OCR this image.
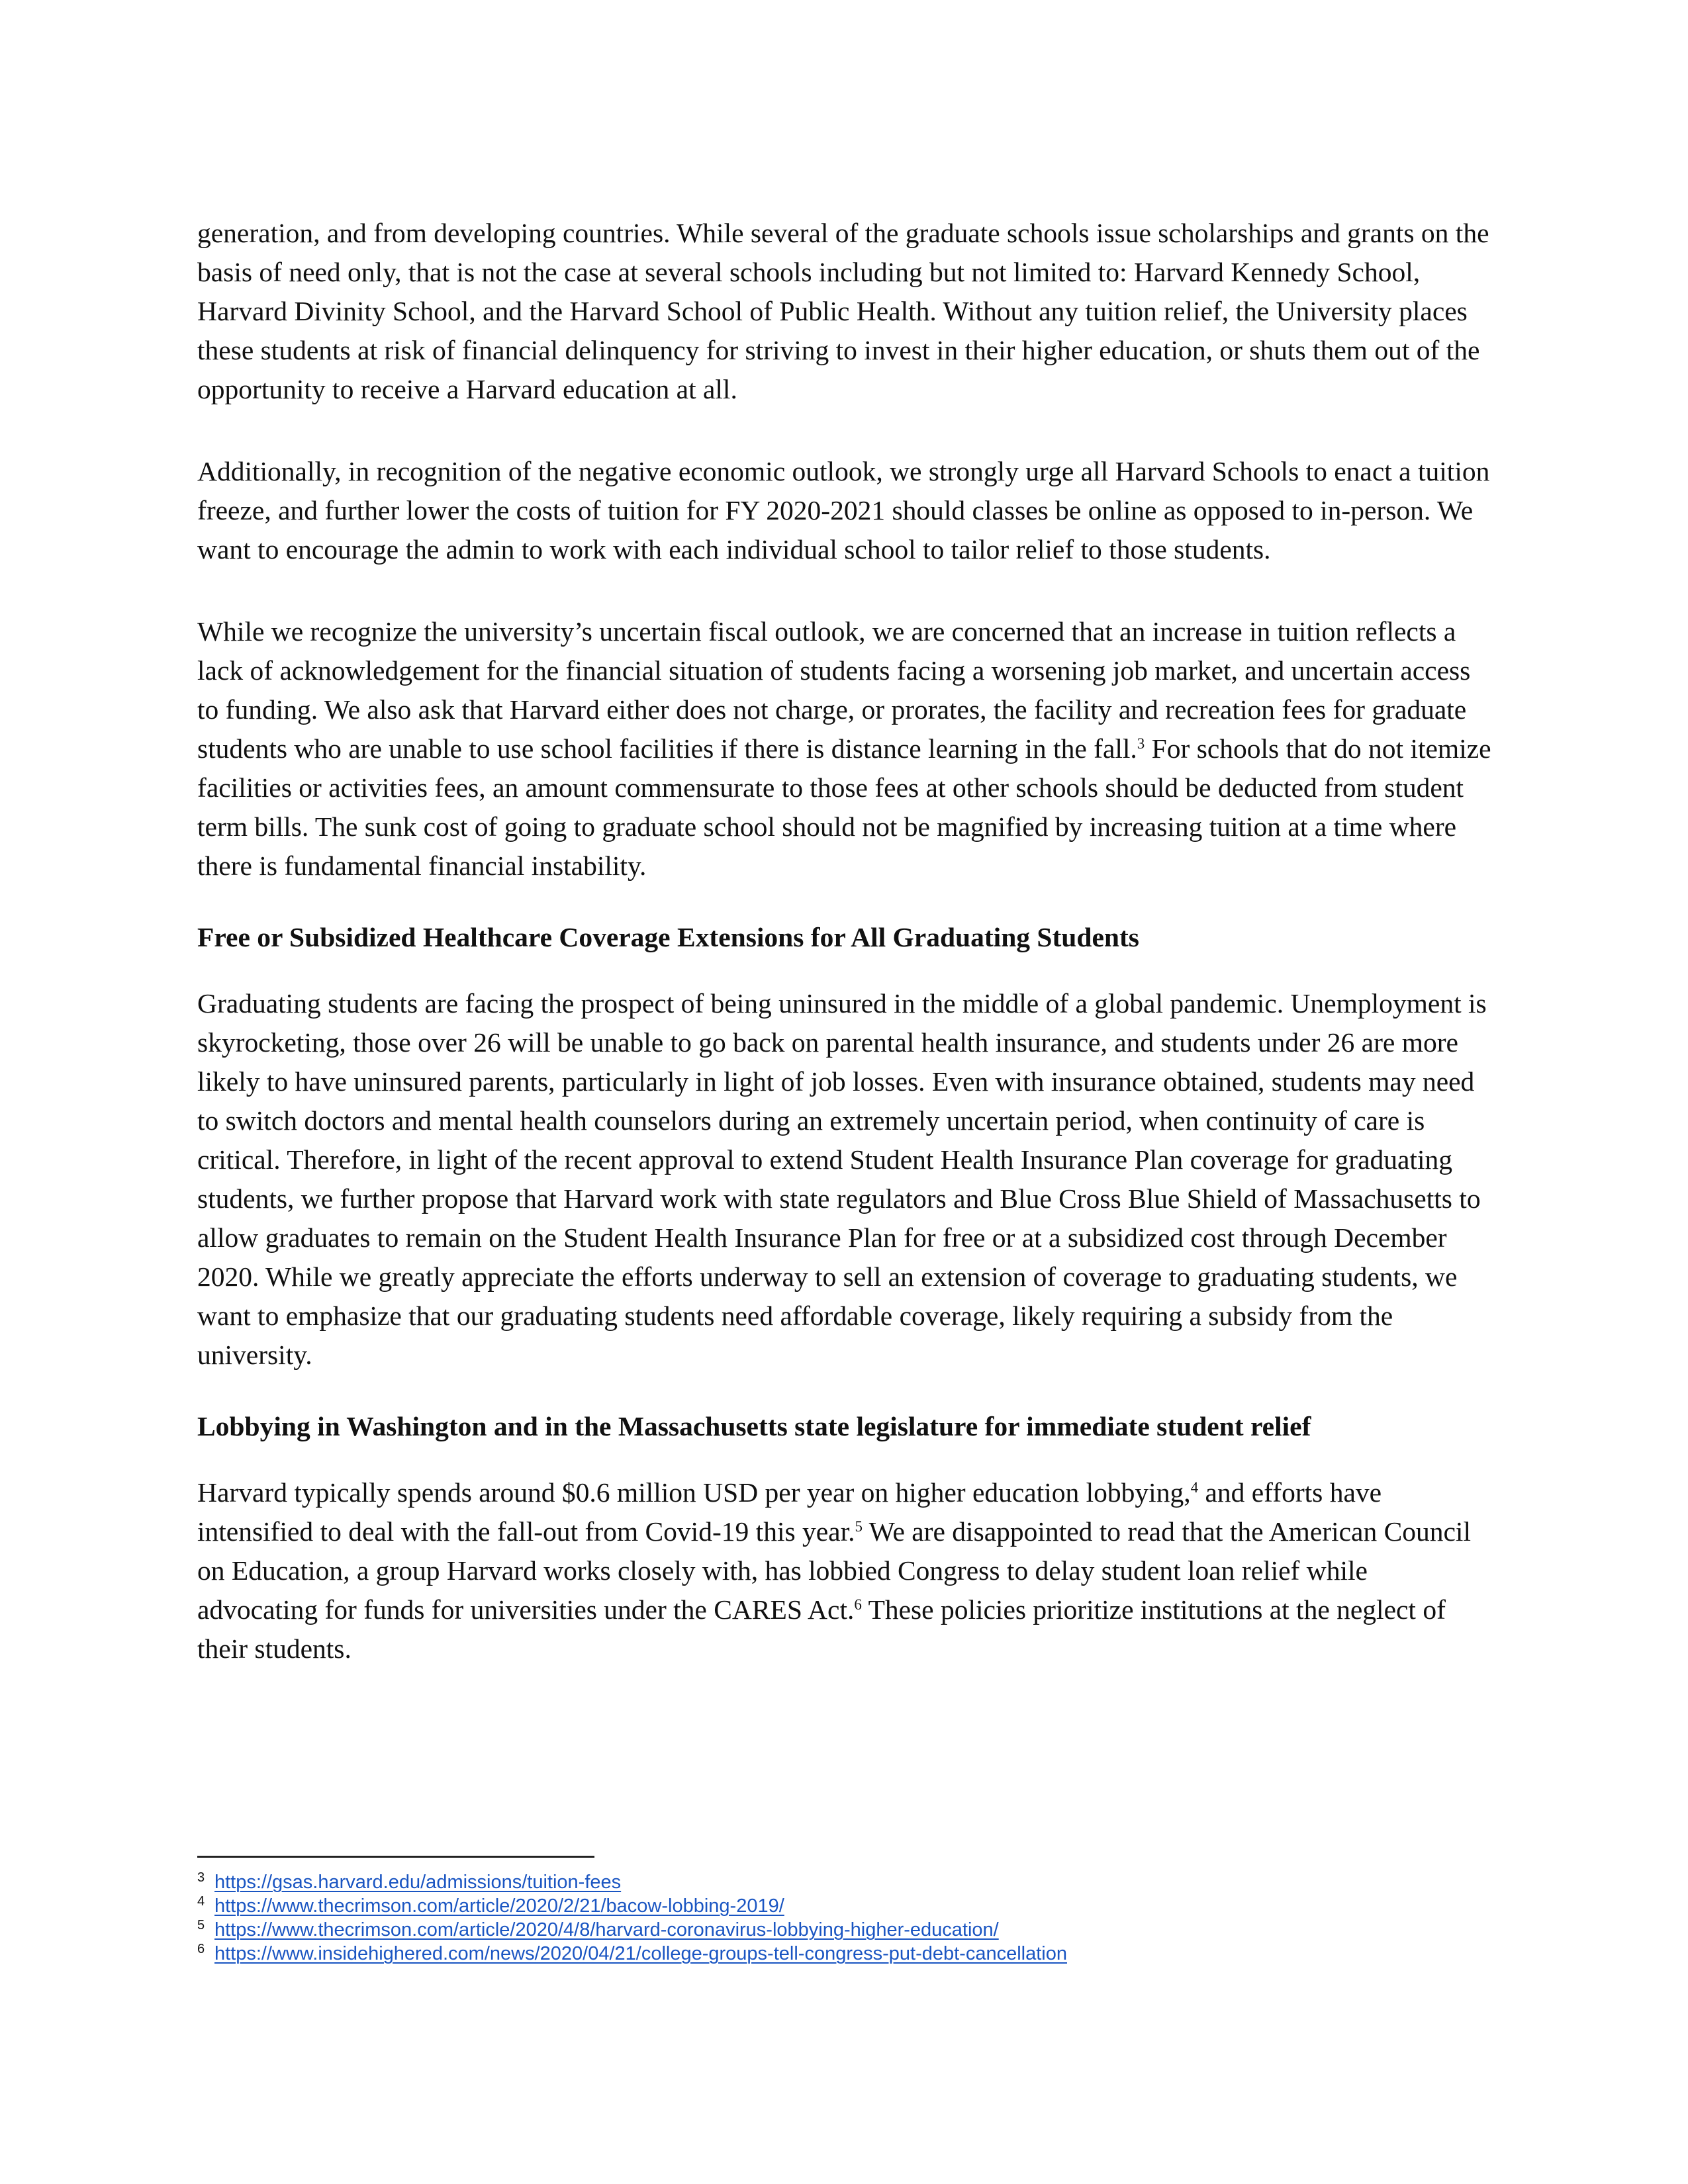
generation, and from developing countries. While several of the graduate schools issue scholarships and grants on the basis of need only, that is not the case at several schools including but not limited to: Harvard Kennedy School, Harvard Divinity School, and the Harvard School of Public Health. Without any tuition relief, the University places these students at risk of financial delinquency for striving to invest in their higher education, or shuts them out of the opportunity to receive a Harvard education at all.

Additionally, in recognition of the negative economic outlook, we strongly urge all Harvard Schools to enact a tuition freeze, and further lower the costs of tuition for FY 2020-2021 should classes be online as opposed to in-person. We want to encourage the admin to work with each individual school to tailor relief to those students.

While we recognize the university’s uncertain fiscal outlook, we are concerned that an increase in tuition reflects a lack of acknowledgement for the financial situation of students facing a worsening job market, and uncertain access to funding. We also ask that Harvard either does not charge, or prorates, the facility and recreation fees for graduate students who are unable to use school facilities if there is distance learning in the fall.$^3$ For schools that do not itemize facilities or activities fees, an amount commensurate to those fees at other schools should be deducted from student term bills. The sunk cost of going to graduate school should not be magnified by increasing tuition at a time where there is fundamental financial instability.

Free or Subsidized Healthcare Coverage Extensions for All Graduating Students

Graduating students are facing the prospect of being uninsured in the middle of a global pandemic. Unemployment is skyrocketing, those over 26 will be unable to go back on parental health insurance, and students under 26 are more likely to have uninsured parents, particularly in light of job losses. Even with insurance obtained, students may need to switch doctors and mental health counselors during an extremely uncertain period, when continuity of care is critical. Therefore, in light of the recent approval to extend Student Health Insurance Plan coverage for graduating students, we further propose that Harvard work with state regulators and Blue Cross Blue Shield of Massachusetts to allow graduates to remain on the Student Health Insurance Plan for free or at a subsidized cost through December 2020. While we greatly appreciate the efforts underway to sell an extension of coverage to graduating students, we want to emphasize that our graduating students need affordable coverage, likely requiring a subsidy from the university.

Lobbying in Washington and in the Massachusetts state legislature for immediate student relief

Harvard typically spends around $0.6 million USD per year on higher education lobbying,$^4$ and efforts have intensified to deal with the fall-out from Covid-19 this year.$^5$ We are disappointed to read that the American Council on Education, a group Harvard works closely with, has lobbied Congress to delay student loan relief while advocating for funds for universities under the CARES Act.$^6$ These policies prioritize institutions at the neglect of their students.

3 https://gsas.harvard.edu/admissions/tuition-fees
4 https://www.thecrimson.com/article/2020/2/21/bacow-lobbing-2019/
5 https://www.thecrimson.com/article/2020/4/8/harvard-coronavirus-lobbying-higher-education/
6 https://www.insidehighered.com/news/2020/04/21/college-groups-tell-congress-put-debt-cancellation
